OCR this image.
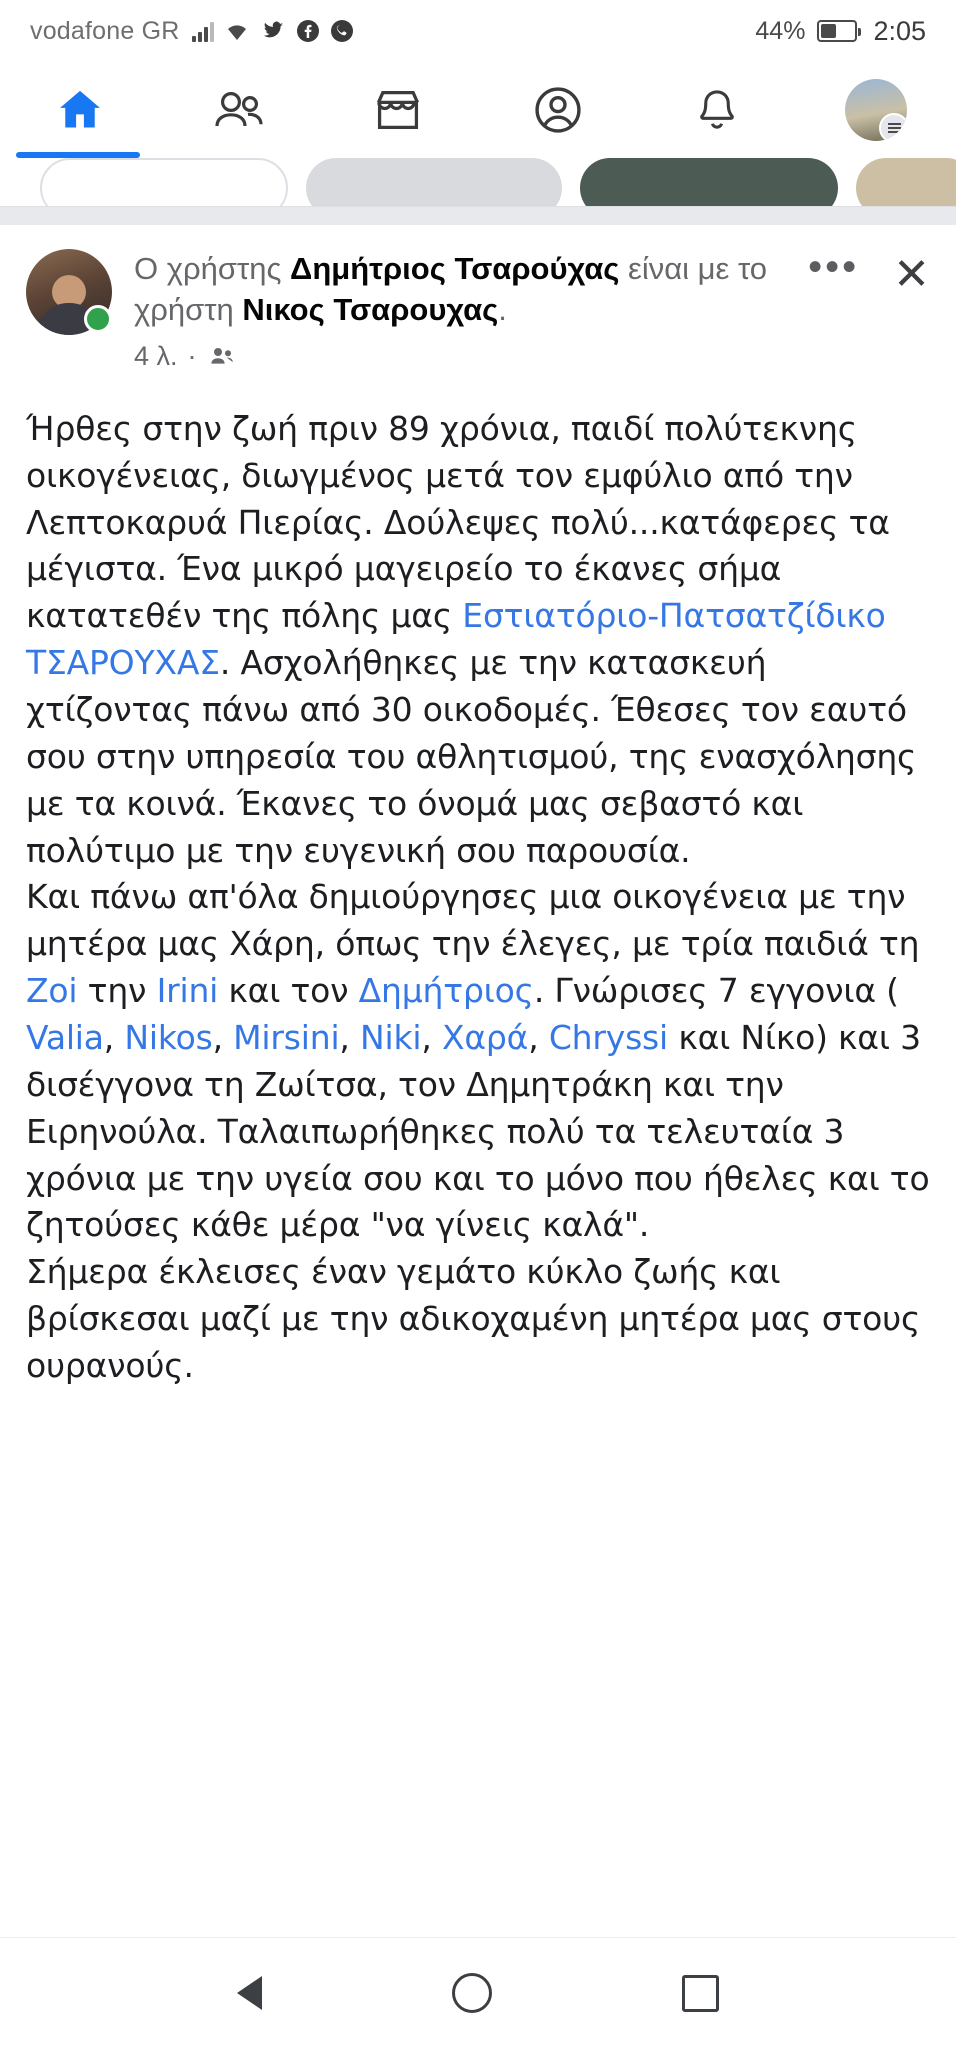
vodafone GR	44%	2:05
Ο χρήστης Δημήτριος Τσαρούχας είναι με το χρήστη Νικος Τσαρουχας.
4 λ. ·
••• ✕

Ήρθες στην ζωή πριν 89 χρόνια, παιδί πολύτεκνης οικογένειας, διωγμένος μετά τον εμφύλιο από την Λεπτοκαρυά Πιερίας. Δούλεψες πολύ...κατάφερες τα μέγιστα. Ένα μικρό μαγειρείο το έκανες σήμα κατατεθέν της πόλης μας Εστιατόριο-Πατσατζίδικο ΤΣΑΡΟΥΧΑΣ. Ασχολήθηκες με την κατασκευή χτίζοντας πάνω από 30 οικοδομές. Έθεσες τον εαυτό σου στην υπηρεσία του αθλητισμού, της ενασχόλησης με τα κοινά. Έκανες το όνομά μας σεβαστό και πολύτιμο με την ευγενική σου παρουσία.
Και πάνω απ'όλα δημιούργησες μια οικογένεια με την μητέρα μας Χάρη, όπως την έλεγες, με τρία παιδιά τη Zoi την Irini και τον Δημήτριος. Γνώρισες 7 εγγονια ( Valia, Nikos, Mirsini, Niki, Χαρά, Chryssi και Νίκο) και 3 δισέγγονα τη Ζωίτσα, τον Δημητράκη και την Ειρηνούλα. Ταλαιπωρήθηκες πολύ τα τελευταία 3 χρόνια με την υγεία σου και το μόνο που ήθελες και το ζητούσες κάθε μέρα "να γίνεις καλά".
Σήμερα έκλεισες έναν γεμάτο κύκλο ζωής και βρίσκεσαι μαζί με την αδικοχαμένη μητέρα μας στους ουρανούς.
